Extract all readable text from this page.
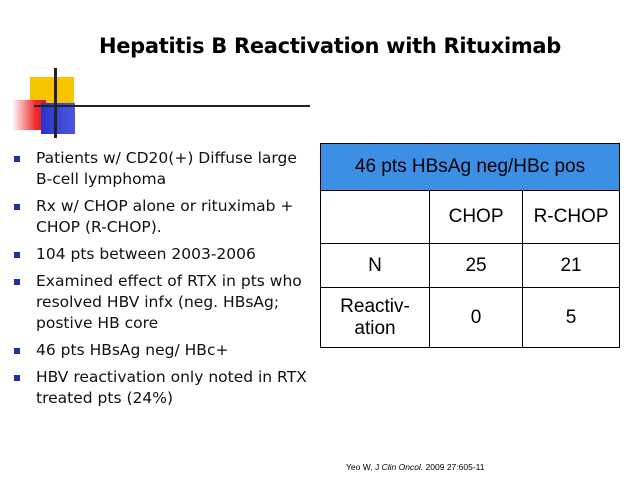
Hepatitis B Reactivation with Rituximab
Patients w/ CD20(+) Diffuse large B-cell lymphoma
Rx w/ CHOP alone or rituximab + CHOP (R-CHOP).
104 pts between 2003-2006
Examined effect of RTX in pts who resolved HBV infx (neg. HBsAg; postive HB core
46 pts HBsAg neg/ HBc+
HBV reactivation only noted in RTX treated pts (24%)
46 pts HBsAg neg/HBc pos		
	CHOP	R-CHOP
N	25	21
Reactiv-
ation	0	5
Yeo W, J Clin Oncol. 2009 27:605-11
